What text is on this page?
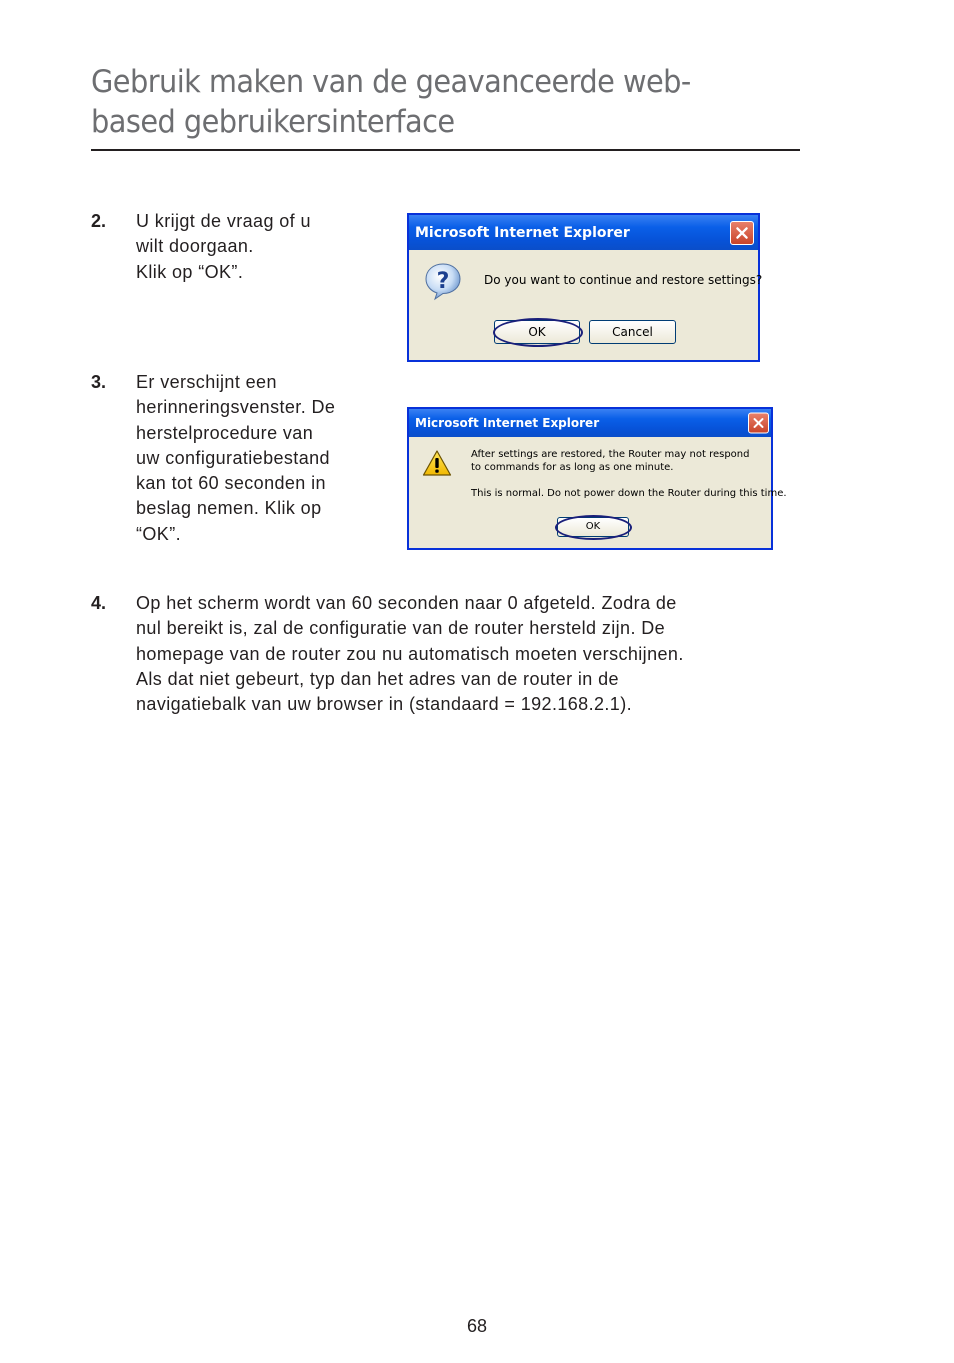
Gebruik maken van de geavanceerde web-
based gebruikersinterface
2. U krijgt de vraag of u
wilt doorgaan.
Klik op “OK”.
3. Er verschijnt een
herinneringsvenster. De
herstelprocedure van
uw configuratiebestand
kan tot 60 seconden in
beslag nemen. Klik op
“OK”.
4. Op het scherm wordt van 60 seconden naar 0 afgeteld. Zodra de
nul bereikt is, zal de configuratie van de router hersteld zijn. De
homepage van de router zou nu automatisch moeten verschijnen.
Als dat niet gebeurt, typ dan het adres van de router in de
navigatiebalk van uw browser in (standaard = 192.168.2.1).
Microsoft Internet Explorer
?	Do you want to continue and restore settings?
OK	Cancel
Microsoft Internet Explorer
After settings are restored, the Router may not respond
to commands for as long as one minute.
This is normal. Do not power down the Router during this time.
OK
68
